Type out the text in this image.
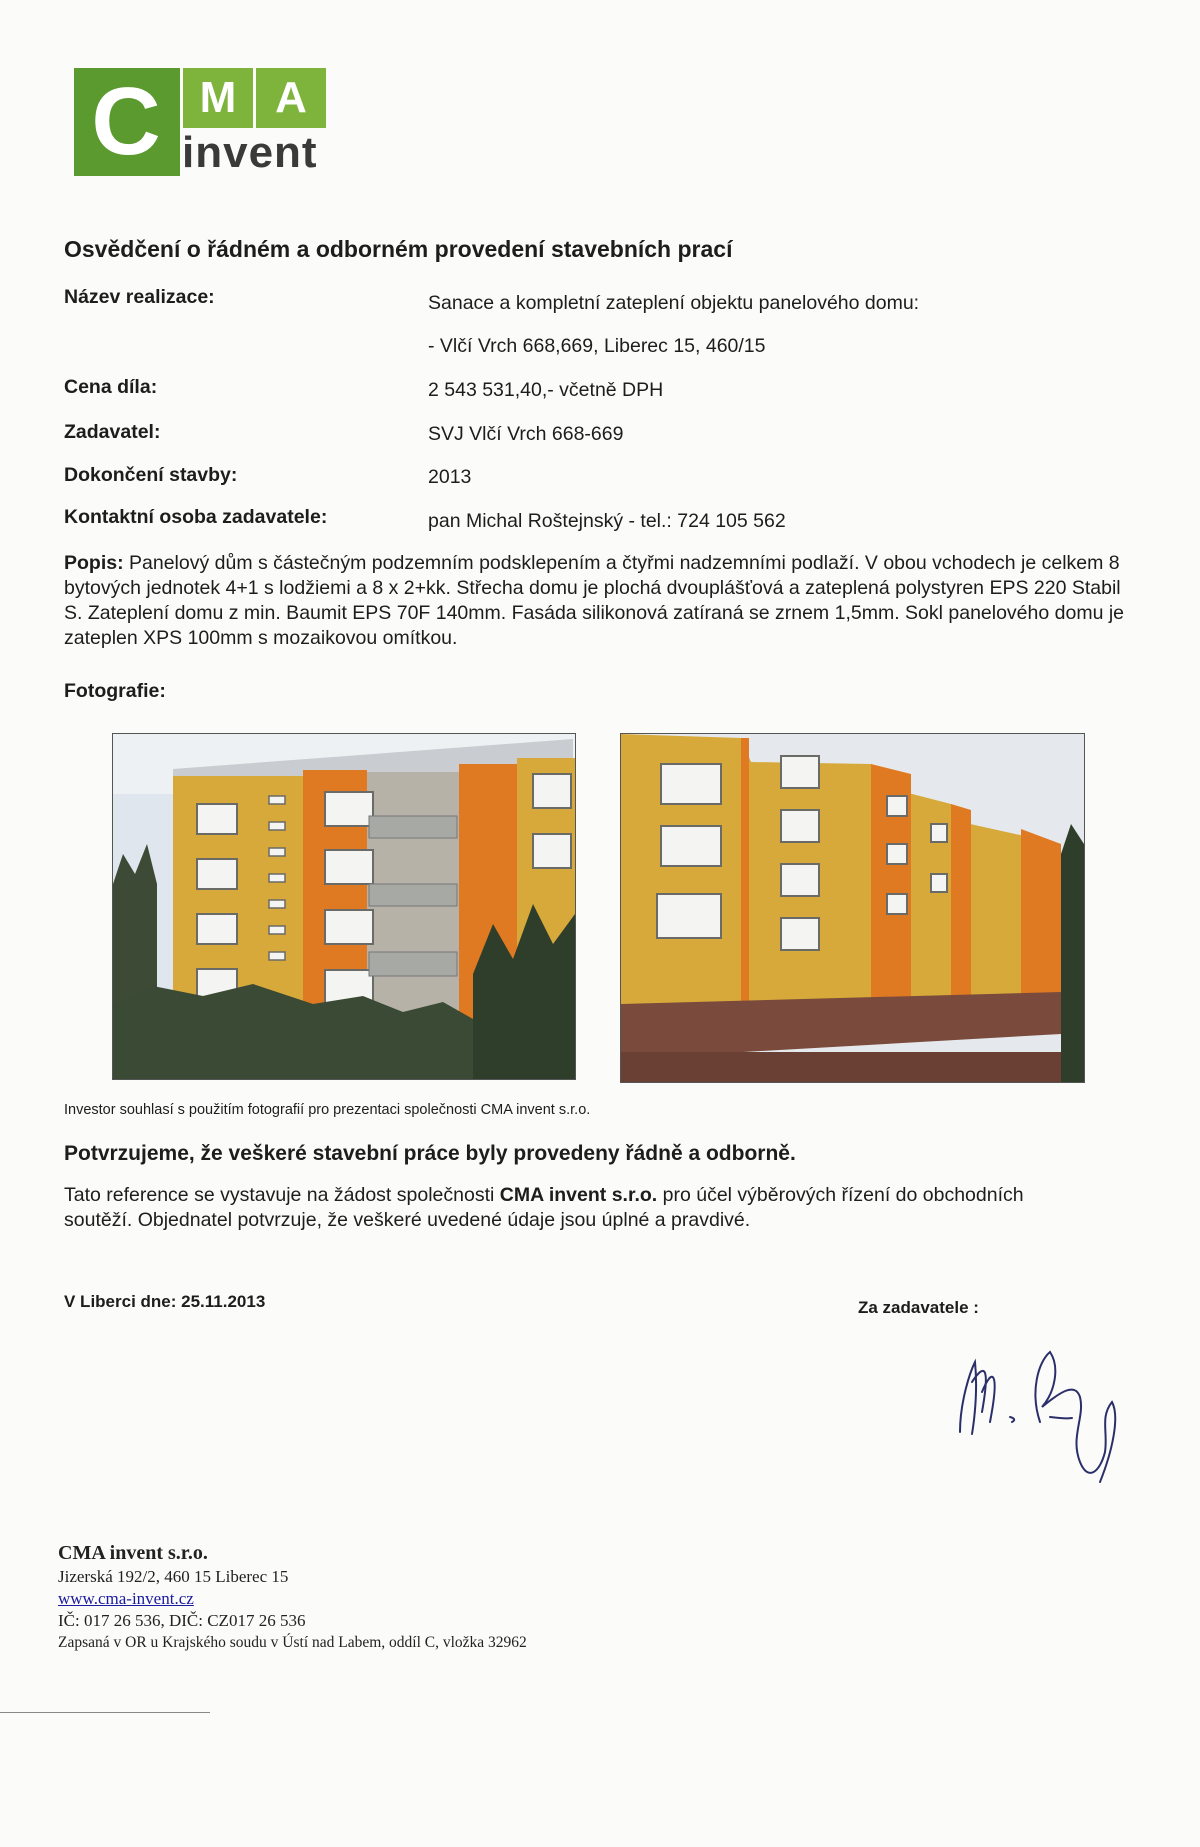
C M A
invent
Osvědčení o řádném a odborném provedení stavebních prací
Název realizace:	Sanace a kompletní zateplení objektu panelového domu:
- Vlčí Vrch 668,669, Liberec 15, 460/15
Cena díla:	2 543 531,40,- včetně DPH
Zadavatel:	SVJ Vlčí Vrch 668-669
Dokončení stavby:	2013
Kontaktní osoba zadavatele:	pan Michal Roštejnský - tel.: 724 105 562
Popis: Panelový dům s částečným podzemním podsklepením a čtyřmi nadzemními podlaží. V obou vchodech je celkem 8 bytových jednotek 4+1 s lodžiemi a 8 x 2+kk. Střecha domu je plochá dvouplášťová a zateplená polystyren EPS 220 Stabil S. Zateplení domu z min. Baumit EPS 70F 140mm. Fasáda silikonová zatíraná se zrnem 1,5mm. Sokl panelového domu je zateplen XPS 100mm s mozaikovou omítkou.
Fotografie:
Investor souhlasí s použitím fotografií pro prezentaci společnosti CMA invent s.r.o.
Potvrzujeme, že veškeré stavební práce byly provedeny řádně a odborně.
Tato reference se vystavuje na žádost společnosti CMA invent s.r.o. pro účel výběrových řízení do obchodních soutěží. Objednatel potvrzuje, že veškeré uvedené údaje jsou úplné a pravdivé.
V Liberci dne: 25.11.2013	Za zadavatele :
CMA invent s.r.o.
Jizerská 192/2, 460 15 Liberec 15
www.cma-invent.cz
IČ: 017 26 536, DIČ: CZ017 26 536
Zapsaná v OR u Krajského soudu v Ústí nad Labem, oddíl C, vložka 32962
